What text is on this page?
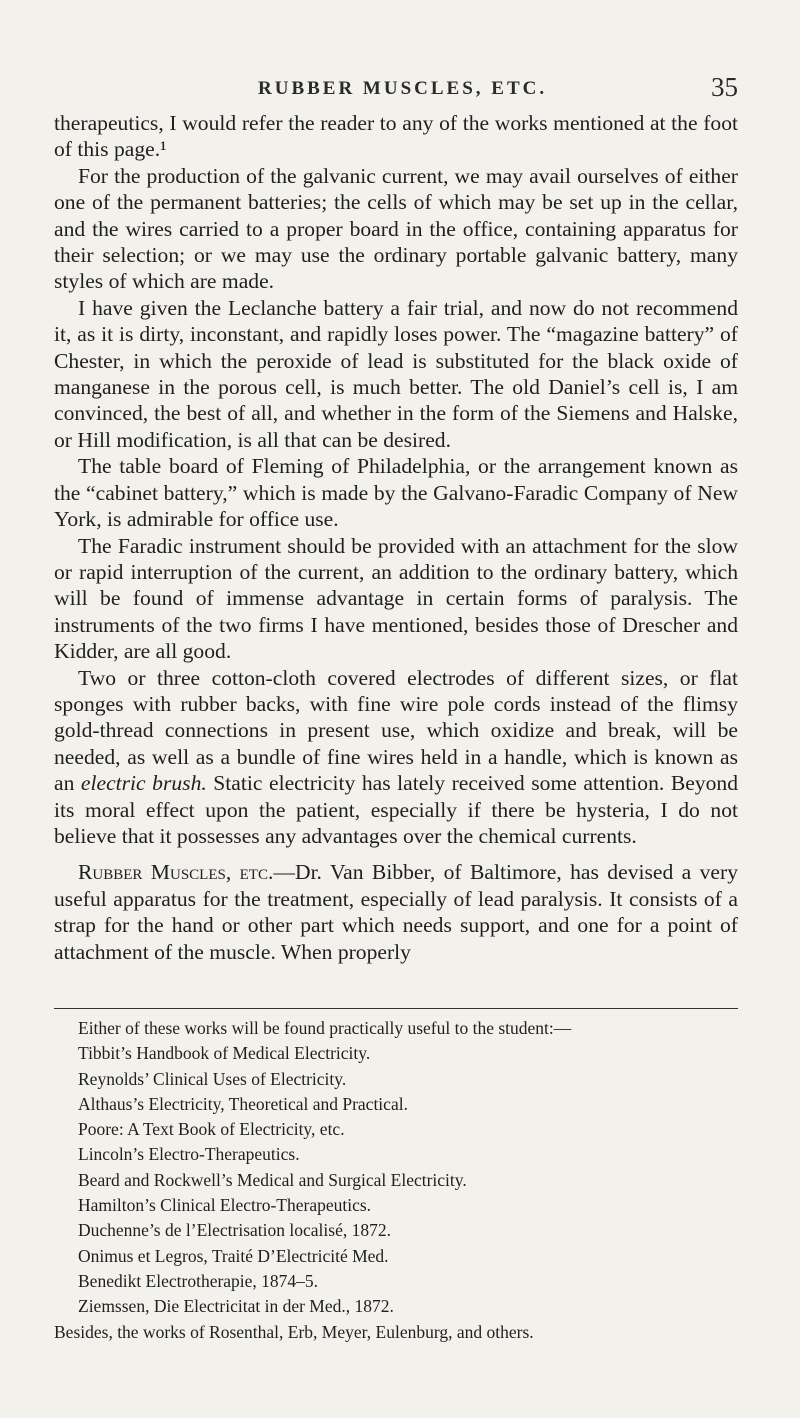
RUBBER MUSCLES, ETC.	35

therapeutics, I would refer the reader to any of the works mentioned at the foot of this page.¹

For the production of the galvanic current, we may avail ourselves of either one of the permanent batteries; the cells of which may be set up in the cellar, and the wires carried to a proper board in the office, containing apparatus for their selection; or we may use the ordinary portable galvanic battery, many styles of which are made.

I have given the Leclanche battery a fair trial, and now do not recommend it, as it is dirty, inconstant, and rapidly loses power. The “magazine battery” of Chester, in which the peroxide of lead is substituted for the black oxide of manganese in the porous cell, is much better. The old Daniel’s cell is, I am convinced, the best of all, and whether in the form of the Siemens and Halske, or Hill modification, is all that can be desired.

The table board of Fleming of Philadelphia, or the arrangement known as the “cabinet battery,” which is made by the Galvano-Faradic Company of New York, is admirable for office use.

The Faradic instrument should be provided with an attachment for the slow or rapid interruption of the current, an addition to the ordinary battery, which will be found of immense advantage in certain forms of paralysis. The instruments of the two firms I have mentioned, besides those of Drescher and Kidder, are all good.

Two or three cotton-cloth covered electrodes of different sizes, or flat sponges with rubber backs, with fine wire pole cords instead of the flimsy gold-thread connections in present use, which oxidize and break, will be needed, as well as a bundle of fine wires held in a handle, which is known as an electric brush. Static electricity has lately received some attention. Beyond its moral effect upon the patient, especially if there be hysteria, I do not believe that it possesses any advantages over the chemical currents.

Rubber Muscles, etc.—Dr. Van Bibber, of Baltimore, has devised a very useful apparatus for the treatment, especially of lead paralysis. It consists of a strap for the hand or other part which needs support, and one for a point of attachment of the muscle. When properly

Either of these works will be found practically useful to the student:—

Tibbit’s Handbook of Medical Electricity.
Reynolds’ Clinical Uses of Electricity.
Althaus’s Electricity, Theoretical and Practical.
Poore: A Text Book of Electricity, etc.
Lincoln’s Electro-Therapeutics.
Beard and Rockwell’s Medical and Surgical Electricity.
Hamilton’s Clinical Electro-Therapeutics.
Duchenne’s de l’Electrisation localisé, 1872.
Onimus et Legros, Traité D’Electricité Med.
Benedikt Electrotherapie, 1874–5.
Ziemssen, Die Electricitat in der Med., 1872.
Besides, the works of Rosenthal, Erb, Meyer, Eulenburg, and others.
